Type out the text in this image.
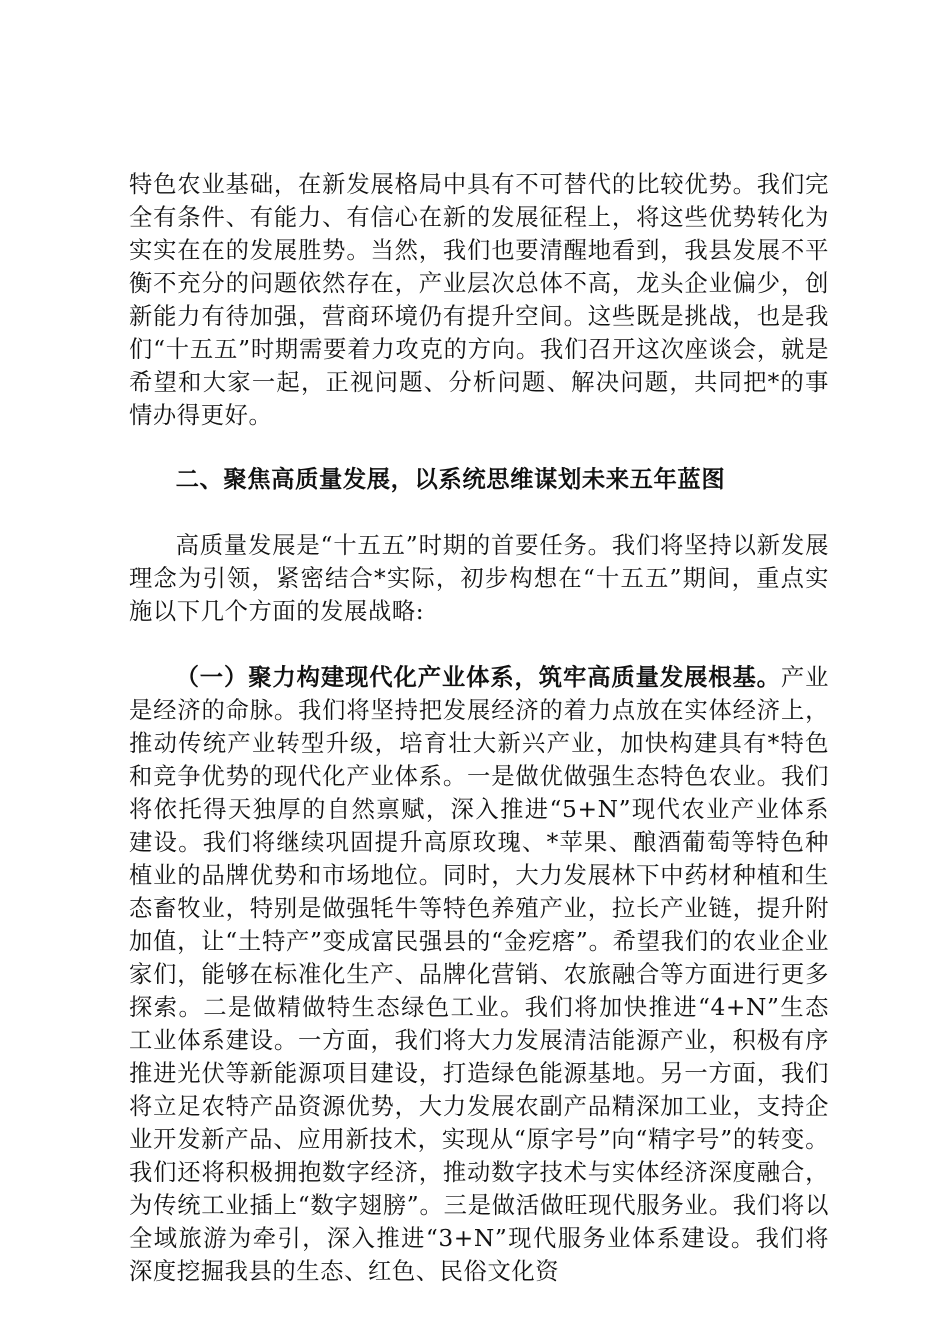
特色农业基础，在新发展格局中具有不可替代的比较优势。我们完全有条件、有能力、有信心在新的发展征程上，将这些优势转化为实实在在的发展胜势。当然，我们也要清醒地看到，我县发展不平衡不充分的问题依然存在，产业层次总体不高，龙头企业偏少，创新能力有待加强，营商环境仍有提升空间。这些既是挑战，也是我们“十五五”时期需要着力攻克的方向。我们召开这次座谈会，就是希望和大家一起，正视问题、分析问题、解决问题，共同把*的事情办得更好。

二、聚焦高质量发展，以系统思维谋划未来五年蓝图

高质量发展是“十五五”时期的首要任务。我们将坚持以新发展理念为引领，紧密结合*实际，初步构想在“十五五”期间，重点实施以下几个方面的发展战略:

（一）聚力构建现代化产业体系，筑牢高质量发展根基。产业是经济的命脉。我们将坚持把发展经济的着力点放在实体经济上，推动传统产业转型升级，培育壮大新兴产业，加快构建具有*特色和竞争优势的现代化产业体系。一是做优做强生态特色农业。我们将依托得天独厚的自然禀赋，深入推进“5+N”现代农业产业体系建设。我们将继续巩固提升高原玫瑰、*苹果、酿酒葡萄等特色种植业的品牌优势和市场地位。同时，大力发展林下中药材种植和生态畜牧业，特别是做强牦牛等特色养殖产业，拉长产业链，提升附加值，让“土特产”变成富民强县的“金疙瘩”。希望我们的农业企业家们，能够在标准化生产、品牌化营销、农旅融合等方面进行更多探索。二是做精做特生态绿色工业。我们将加快推进“4+N”生态工业体系建设。一方面，我们将大力发展清洁能源产业，积极有序推进光伏等新能源项目建设，打造绿色能源基地。另一方面，我们将立足农特产品资源优势，大力发展农副产品精深加工业，支持企业开发新产品、应用新技术，实现从“原字号”向“精字号”的转变。我们还将积极拥抱数字经济，推动数字技术与实体经济深度融合，为传统工业插上“数字翅膀”。三是做活做旺现代服务业。我们将以全域旅游为牵引，深入推进“3+N”现代服务业体系建设。我们将深度挖掘我县的生态、红色、民俗文化资
